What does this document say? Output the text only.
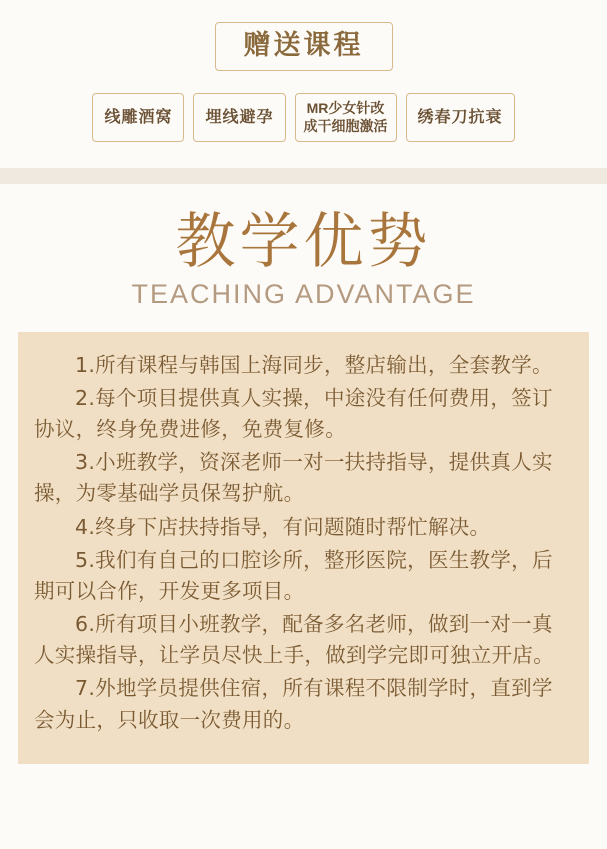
赠送课程
线雕酒窝	埋线避孕
MR少女针改
成干细胞激活	绣春刀抗衰
教学优势
TEACHING ADVANTAGE

1.所有课程与韩国上海同步，整店输出，全套教学。

2.每个项目提供真人实操，中途没有任何费用，签订协议，终身免费进修，免费复修。

3.小班教学，资深老师一对一扶持指导，提供真人实操，为零基础学员保驾护航。

4.终身下店扶持指导，有问题随时帮忙解决。

5.我们有自己的口腔诊所，整形医院，医生教学，后期可以合作，开发更多项目。

6.所有项目小班教学，配备多名老师，做到一对一真人实操指导，让学员尽快上手，做到学完即可独立开店。

7.外地学员提供住宿，所有课程不限制学时，直到学会为止，只收取一次费用的。
